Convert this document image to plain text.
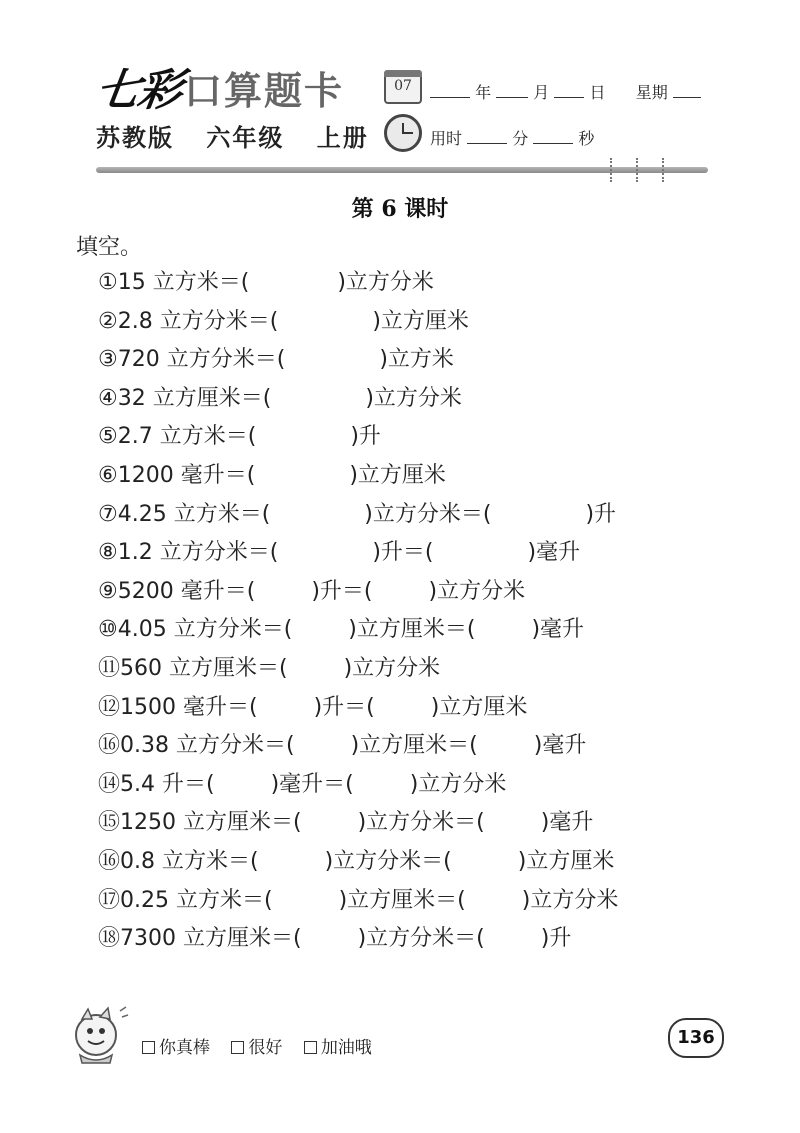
七彩 口算题卡
苏教版 六年级 上册
07	年	月	日 星期
用时	分	秒
第 6 课时
填空。
①15 立方米＝(	)立方分米
②2.8 立方分米＝(	)立方厘米
③720 立方分米＝(	)立方米
④32 立方厘米＝(	)立方分米
⑤2.7 立方米＝(	)升
⑥1200 毫升＝(	)立方厘米
⑦4.25 立方米＝(	)立方分米＝(	)升
⑧1.2 立方分米＝(	)升＝(	)毫升
⑨5200 毫升＝(	)升＝(	)立方分米
⑩4.05 立方分米＝(	)立方厘米＝(	)毫升
⑪560 立方厘米＝(	)立方分米
⑫1500 毫升＝(	)升＝(	)立方厘米
⑯0.38 立方分米＝(	)立方厘米＝(	)毫升
⑭5.4 升＝(	)毫升＝(	)立方分米
⑮1250 立方厘米＝(	)立方分米＝(	)毫升
⑯0.8 立方米＝(	)立方分米＝(	)立方厘米
⑰0.25 立方米＝(	)立方厘米＝(	)立方分米
⑱7300 立方厘米＝(	)立方分米＝(	)升
你真棒 很好 加油哦	136
